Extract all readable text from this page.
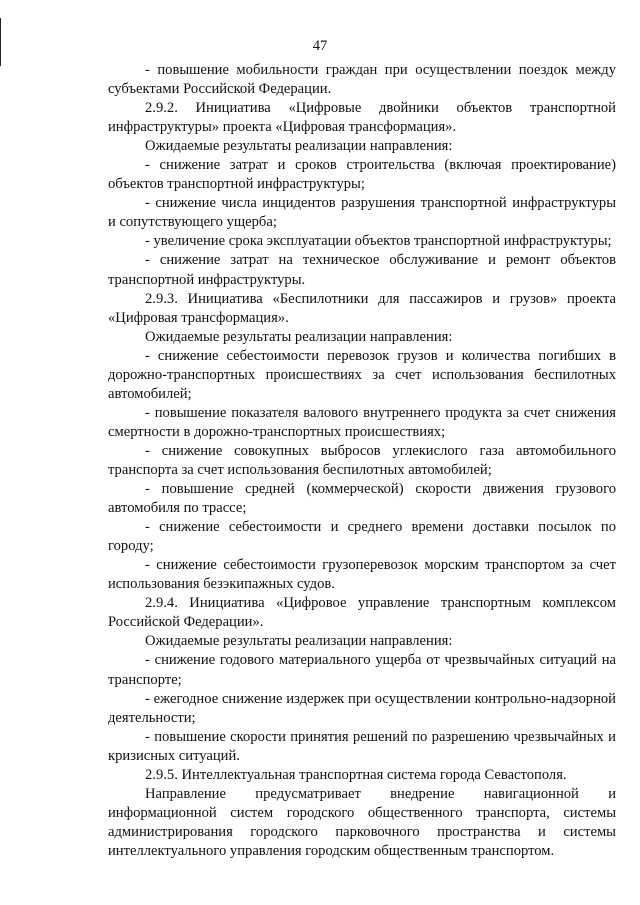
47

- повышение мобильности граждан при осуществлении поездок между субъектами Российской Федерации.

2.9.2. Инициатива «Цифровые двойники объектов транспортной инфраструктуры» проекта «Цифровая трансформация».

Ожидаемые результаты реализации направления:

- снижение затрат и сроков строительства (включая проектирование) объектов транспортной инфраструктуры;

- снижение числа инцидентов разрушения транспортной инфраструктуры и сопутствующего ущерба;

- увеличение срока эксплуатации объектов транспортной инфраструктуры;

- снижение затрат на техническое обслуживание и ремонт объектов транспортной инфраструктуры.

2.9.3. Инициатива «Беспилотники для пассажиров и грузов» проекта «Цифровая трансформация».

Ожидаемые результаты реализации направления:

- снижение себестоимости перевозок грузов и количества погибших в дорожно-транспортных происшествиях за счет использования беспилотных автомобилей;

- повышение показателя валового внутреннего продукта за счет снижения смертности в дорожно-транспортных происшествиях;

- снижение совокупных выбросов углекислого газа автомобильного транспорта за счет использования беспилотных автомобилей;

- повышение средней (коммерческой) скорости движения грузового автомобиля по трассе;

- снижение себестоимости и среднего времени доставки посылок по городу;

- снижение себестоимости грузоперевозок морским транспортом за счет использования безэкипажных судов.

2.9.4. Инициатива «Цифровое управление транспортным комплексом Российской Федерации».

Ожидаемые результаты реализации направления:

- снижение годового материального ущерба от чрезвычайных ситуаций на транспорте;

- ежегодное снижение издержек при осуществлении контрольно-надзорной деятельности;

- повышение скорости принятия решений по разрешению чрезвычайных и кризисных ситуаций.

2.9.5. Интеллектуальная транспортная система города Севастополя.

Направление предусматривает внедрение навигационной и информационной систем городского общественного транспорта, системы администрирования городского парковочного пространства и системы интеллектуального управления городским общественным транспортом.
